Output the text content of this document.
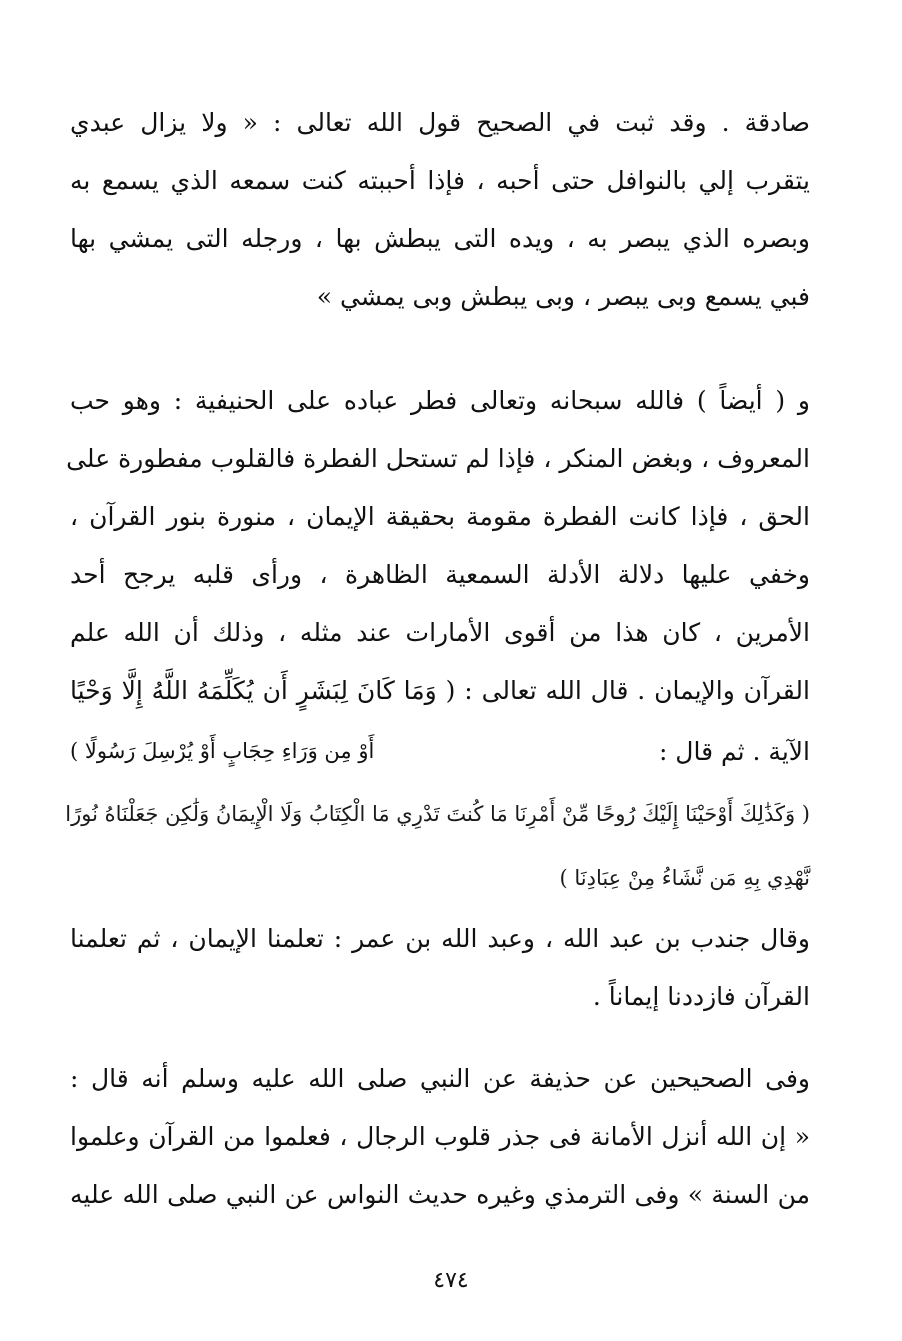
صادقة . وقد ثبت في الصحيح قول الله تعالى : « ولا يزال عبدي
يتقرب إلي بالنوافل حتى أحبه ، فإذا أحببته كنت سمعه الذي يسمع به
وبصره الذي يبصر به ، ويده التى يبطش بها ، ورجله التى يمشي بها
فبي يسمع وبى يبصر ، وبى يبطش وبى يمشي »
و ( أيضاً ) فالله سبحانه وتعالى فطر عباده على الحنيفية : وهو حب
المعروف ، وبغض المنكر ، فإذا لم تستحل الفطرة فالقلوب مفطورة على
الحق ، فإذا كانت الفطرة مقومة بحقيقة الإيمان ، منورة بنور القرآن ،
وخفي عليها دلالة الأدلة السمعية الظاهرة ، ورأى قلبه يرجح أحد
الأمرين ، كان هذا من أقوى الأمارات عند مثله ، وذلك أن الله علم
القرآن والإيمان . قال الله تعالى : ( وَمَا كَانَ لِبَشَرٍ أَن يُكَلِّمَهُ اللَّهُ إِلَّا وَحْيًا
الآية . ثم قال :
أَوْ مِن وَرَاءِ حِجَابٍ أَوْ يُرْسِلَ رَسُولًا )
( وَكَذَٰلِكَ أَوْحَيْنَا إِلَيْكَ رُوحًا مِّنْ أَمْرِنَا مَا كُنتَ تَدْرِي مَا الْكِتَابُ وَلَا الْإِيمَانُ وَلَٰكِن جَعَلْنَاهُ نُورًا
نَّهْدِي بِهِ مَن نَّشَاءُ مِنْ عِبَادِنَا )
وقال جندب بن عبد الله ، وعبد الله بن عمر : تعلمنا الإيمان ، ثم تعلمنا
القرآن فازددنا إيماناً .
وفى الصحيحين عن حذيفة عن النبي صلى الله عليه وسلم أنه قال :
« إن الله أنزل الأمانة فى جذر قلوب الرجال ، فعلموا من القرآن وعلموا
من السنة » وفى الترمذي وغيره حديث النواس عن النبي صلى الله عليه
٤٧٤
